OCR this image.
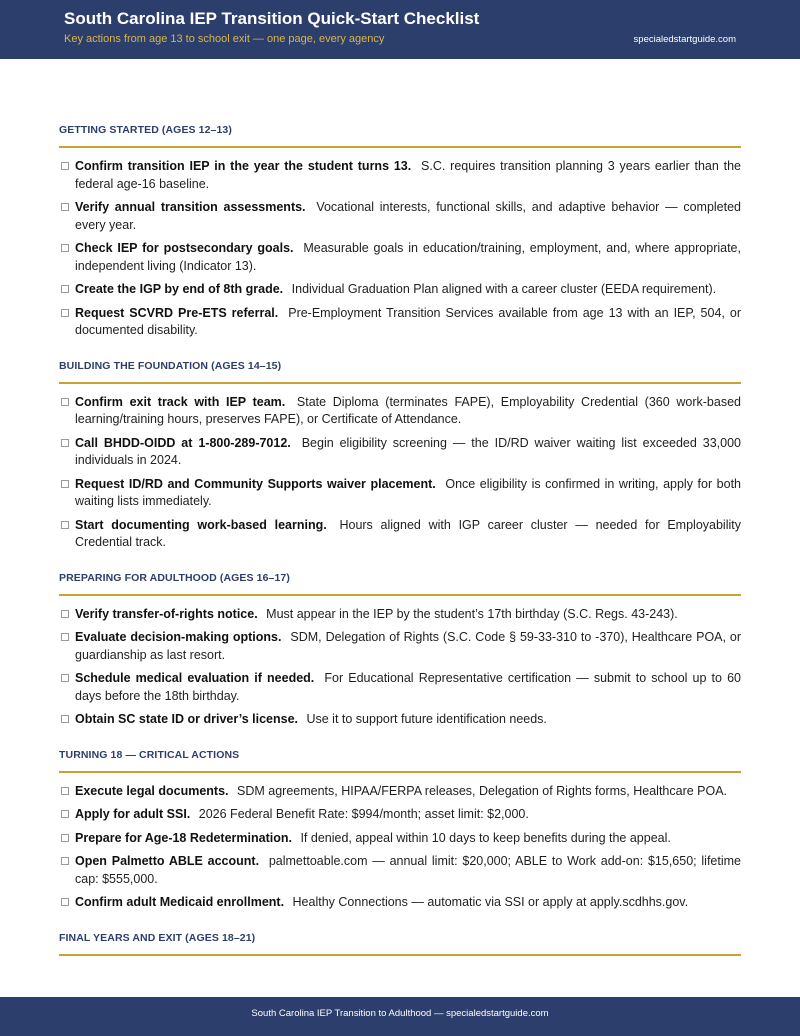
South Carolina IEP Transition Quick-Start Checklist
Key actions from age 13 to school exit — one page, every agency	specialedstartguide.com
GETTING STARTED (AGES 12–13)
Confirm transition IEP in the year the student turns 13. S.C. requires transition planning 3 years earlier than the federal age-16 baseline.
Verify annual transition assessments. Vocational interests, functional skills, and adaptive behavior — completed every year.
Check IEP for postsecondary goals. Measurable goals in education/training, employment, and, where appropriate, independent living (Indicator 13).
Create the IGP by end of 8th grade. Individual Graduation Plan aligned with a career cluster (EEDA requirement).
Request SCVRD Pre-ETS referral. Pre-Employment Transition Services available from age 13 with an IEP, 504, or documented disability.
BUILDING THE FOUNDATION (AGES 14–15)
Confirm exit track with IEP team. State Diploma (terminates FAPE), Employability Credential (360 work-based learning/training hours, preserves FAPE), or Certificate of Attendance.
Call BHDD-OIDD at 1-800-289-7012. Begin eligibility screening — the ID/RD waiver waiting list exceeded 33,000 individuals in 2024.
Request ID/RD and Community Supports waiver placement. Once eligibility is confirmed in writing, apply for both waiting lists immediately.
Start documenting work-based learning. Hours aligned with IGP career cluster — needed for Employability Credential track.
PREPARING FOR ADULTHOOD (AGES 16–17)
Verify transfer-of-rights notice. Must appear in the IEP by the student’s 17th birthday (S.C. Regs. 43-243).
Evaluate decision-making options. SDM, Delegation of Rights (S.C. Code § 59-33-310 to -370), Healthcare POA, or guardianship as last resort.
Schedule medical evaluation if needed. For Educational Representative certification — submit to school up to 60 days before the 18th birthday.
Obtain SC state ID or driver’s license. Use it to support future identification needs.
TURNING 18 — CRITICAL ACTIONS
Execute legal documents. SDM agreements, HIPAA/FERPA releases, Delegation of Rights forms, Healthcare POA.
Apply for adult SSI. 2026 Federal Benefit Rate: $994/month; asset limit: $2,000.
Prepare for Age-18 Redetermination. If denied, appeal within 10 days to keep benefits during the appeal.
Open Palmetto ABLE account. palmettoable.com — annual limit: $20,000; ABLE to Work add-on: $15,650; lifetime cap: $555,000.
Confirm adult Medicaid enrollment. Healthy Connections — automatic via SSI or apply at apply.scdhhs.gov.
FINAL YEARS AND EXIT (AGES 18–21)
South Carolina IEP Transition to Adulthood — specialedstartguide.com
